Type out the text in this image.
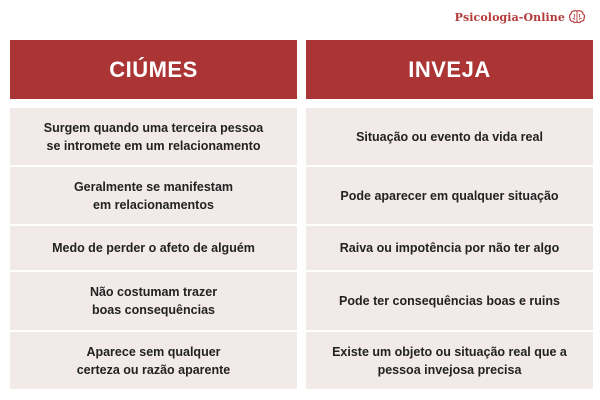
Psicologia-Online
CIÚMES
Surgem quando uma terceira pessoa
se intromete em um relacionamento
Geralmente se manifestam
em relacionamentos
Medo de perder o afeto de alguém
Não costumam trazer
boas consequências
Aparece sem qualquer
certeza ou razão aparente
INVEJA
Situação ou evento da vida real
Pode aparecer em qualquer situação
Raiva ou impotência por não ter algo
Pode ter consequências boas e ruins
Existe um objeto ou situação real que a
pessoa invejosa precisa
